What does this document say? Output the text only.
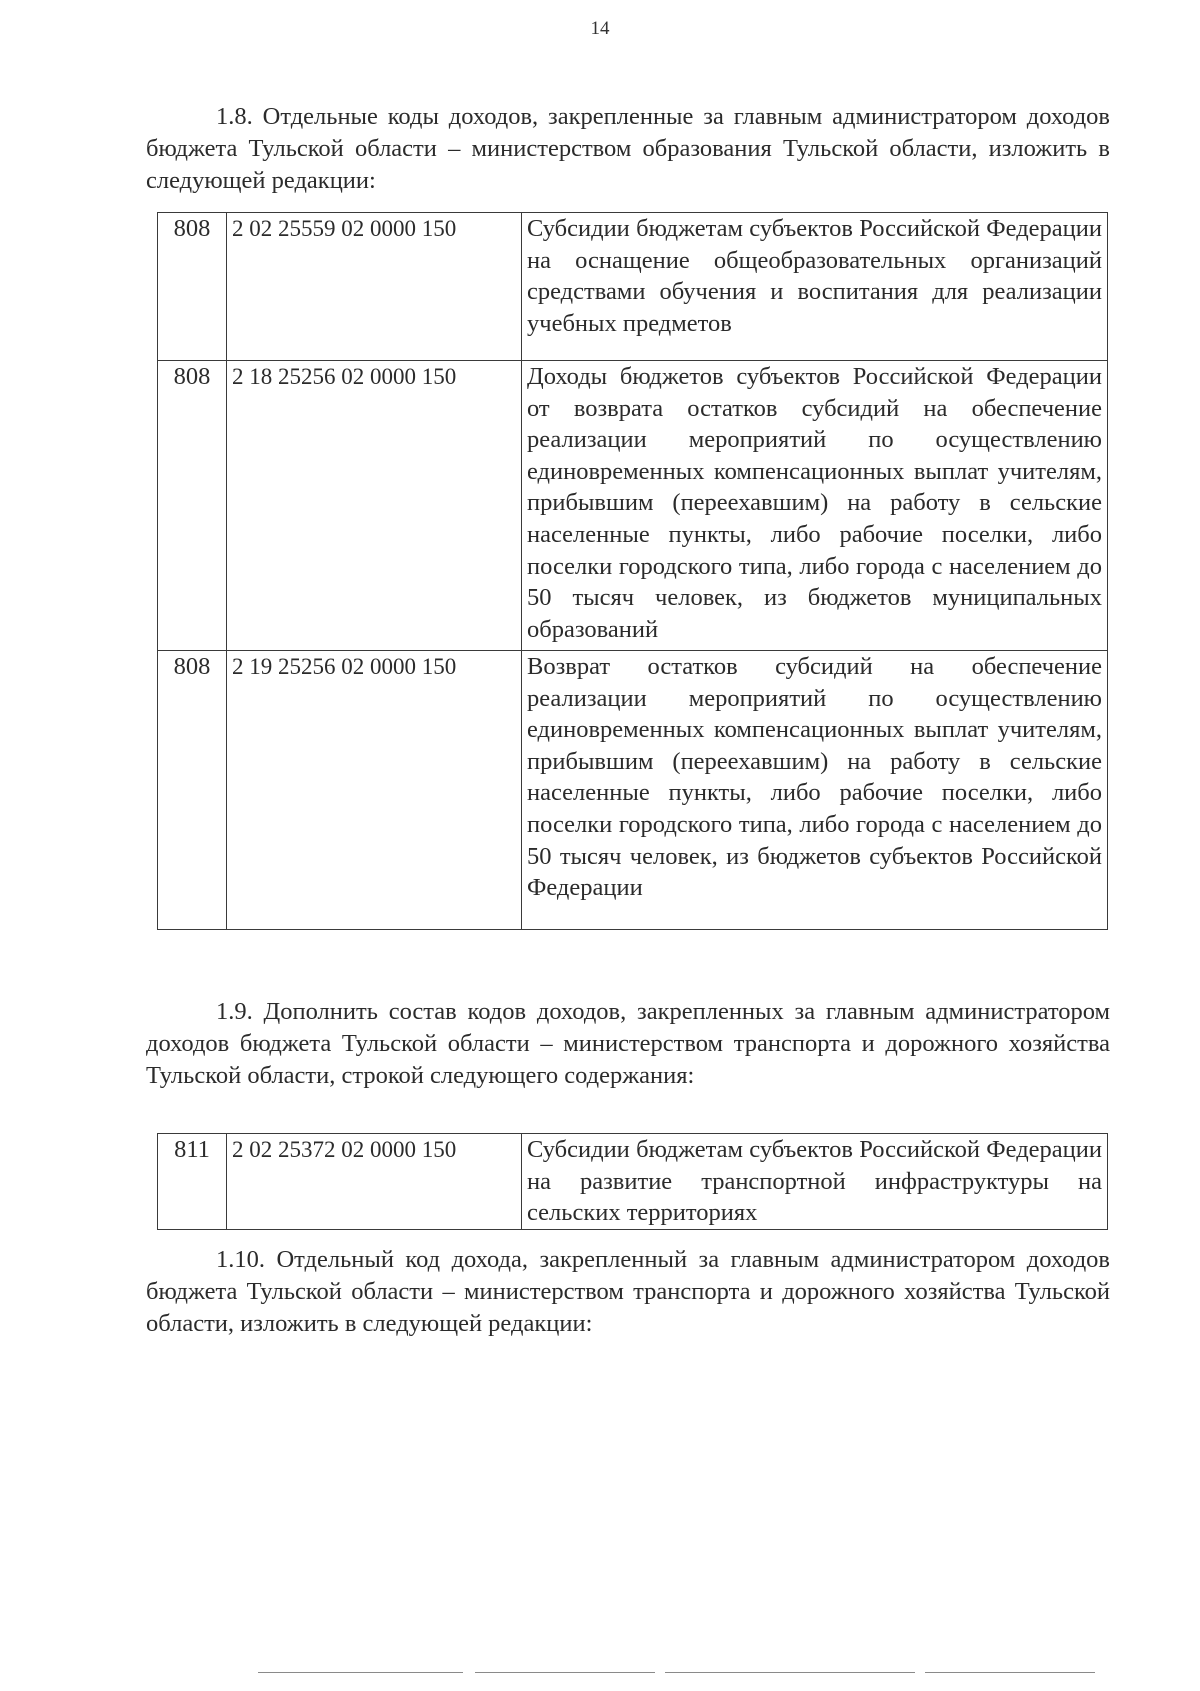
14

1.8. Отдельные коды доходов, закрепленные за главным администратором доходов бюджета Тульской области – министерством образования Тульской области, изложить в следующей редакции:

808	2 02 25559 02 0000 150	Субсидии бюджетам субъектов Российской Федерации на оснащение общеобразовательных организаций средствами обучения и воспитания для реализации учебных предметов
808	2 18 25256 02 0000 150	Доходы бюджетов субъектов Российской Федерации от возврата остатков субсидий на обеспечение реализации мероприятий по осуществлению единовременных компенсационных выплат учителям, прибывшим (переехавшим) на работу в сельские населенные пункты, либо рабочие поселки, либо поселки городского типа, либо города с населением до 50 тысяч человек, из бюджетов муниципальных образований
808	2 19 25256 02 0000 150	Возврат остатков субсидий на обеспечение реализации мероприятий по осуществлению единовременных компенсационных выплат учителям, прибывшим (переехавшим) на работу в сельские населенные пункты, либо рабочие поселки, либо поселки городского типа, либо города с населением до 50 тысяч человек, из бюджетов субъектов Российской Федерации

1.9. Дополнить состав кодов доходов, закрепленных за главным администратором доходов бюджета Тульской области – министерством транспорта и дорожного хозяйства Тульской области, строкой следующего содержания:

811	2 02 25372 02 0000 150	Субсидии бюджетам субъектов Российской Федерации на развитие транспортной инфраструктуры на сельских территориях

1.10. Отдельный код дохода, закрепленный за главным администратором доходов бюджета Тульской области – министерством транспорта и дорожного хозяйства Тульской области, изложить в следующей редакции:
